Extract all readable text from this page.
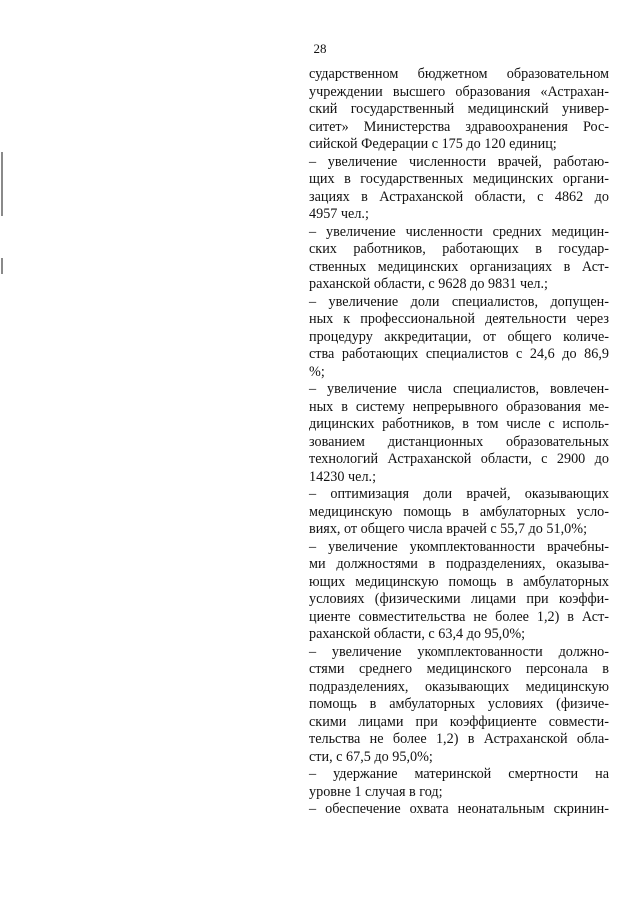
28
сударственном бюджетном образовательном
учреждении высшего образования «Астрахан-
ский государственный медицинский универ-
ситет» Министерства здравоохранения Рос-
сийской Федерации с 175 до 120 единиц;
– увеличение численности врачей, работаю-
щих в государственных медицинских органи-
зациях в Астраханской области, с 4862 до
4957 чел.;
– увеличение численности средних медицин-
ских работников, работающих в государ-
ственных медицинских организациях в Аст-
раханской области, с 9628 до 9831 чел.;
– увеличение доли специалистов, допущен-
ных к профессиональной деятельности через
процедуру аккредитации, от общего количе-
ства работающих специалистов с 24,6 до 86,9
%;
– увеличение числа специалистов, вовлечен-
ных в систему непрерывного образования ме-
дицинских работников, в том числе с исполь-
зованием дистанционных образовательных
технологий Астраханской области, с 2900 до
14230 чел.;
– оптимизация доли врачей, оказывающих
медицинскую помощь в амбулаторных усло-
виях, от общего числа врачей с 55,7 до 51,0%;
– увеличение укомплектованности врачебны-
ми должностями в подразделениях, оказыва-
ющих медицинскую помощь в амбулаторных
условиях (физическими лицами при коэффи-
циенте совместительства не более 1,2) в Аст-
раханской области, с 63,4 до 95,0%;
– увеличение укомплектованности должно-
стями среднего медицинского персонала в
подразделениях, оказывающих медицинскую
помощь в амбулаторных условиях (физиче-
скими лицами при коэффициенте совмести-
тельства не более 1,2) в Астраханской обла-
сти, с 67,5 до 95,0%;
– удержание материнской смертности на
уровне 1 случая в год;
– обеспечение охвата неонатальным скринин-
